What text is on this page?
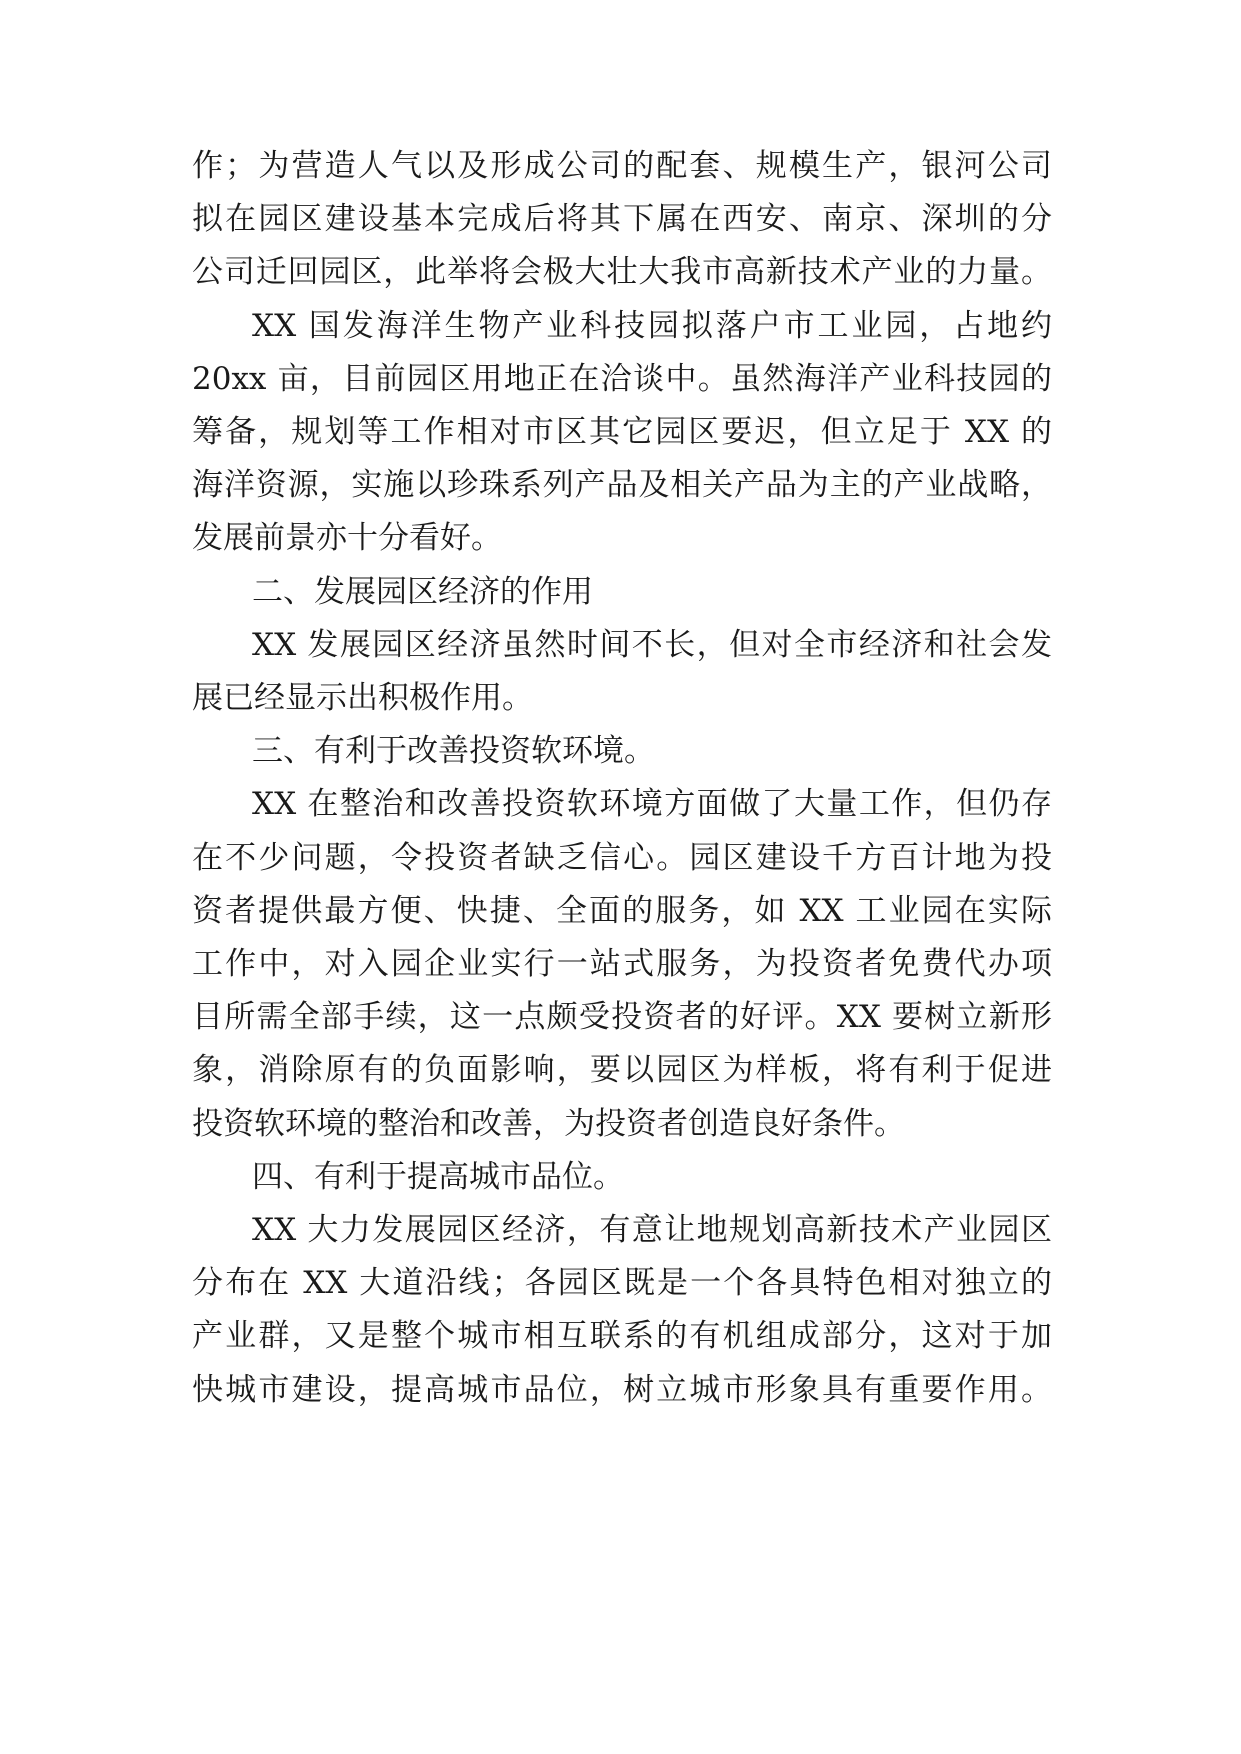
作；为营造人气以及形成公司的配套、规模生产，银河公司
拟在园区建设基本完成后将其下属在西安、南京、深圳的分
公司迁回园区，此举将会极大壮大我市高新技术产业的力量。
XX 国发海洋生物产业科技园拟落户市工业园，占地约
20xx 亩，目前园区用地正在洽谈中。虽然海洋产业科技园的
筹备，规划等工作相对市区其它园区要迟，但立足于 XX 的
海洋资源，实施以珍珠系列产品及相关产品为主的产业战略，
发展前景亦十分看好。
二、发展园区经济的作用
XX 发展园区经济虽然时间不长，但对全市经济和社会发
展已经显示出积极作用。
三、有利于改善投资软环境。
XX 在整治和改善投资软环境方面做了大量工作，但仍存
在不少问题，令投资者缺乏信心。园区建设千方百计地为投
资者提供最方便、快捷、全面的服务，如 XX 工业园在实际
工作中，对入园企业实行一站式服务，为投资者免费代办项
目所需全部手续，这一点颇受投资者的好评。XX 要树立新形
象，消除原有的负面影响，要以园区为样板，将有利于促进
投资软环境的整治和改善，为投资者创造良好条件。
四、有利于提高城市品位。
XX 大力发展园区经济，有意让地规划高新技术产业园区
分布在 XX 大道沿线；各园区既是一个各具特色相对独立的
产业群，又是整个城市相互联系的有机组成部分，这对于加
快城市建设，提高城市品位，树立城市形象具有重要作用。
